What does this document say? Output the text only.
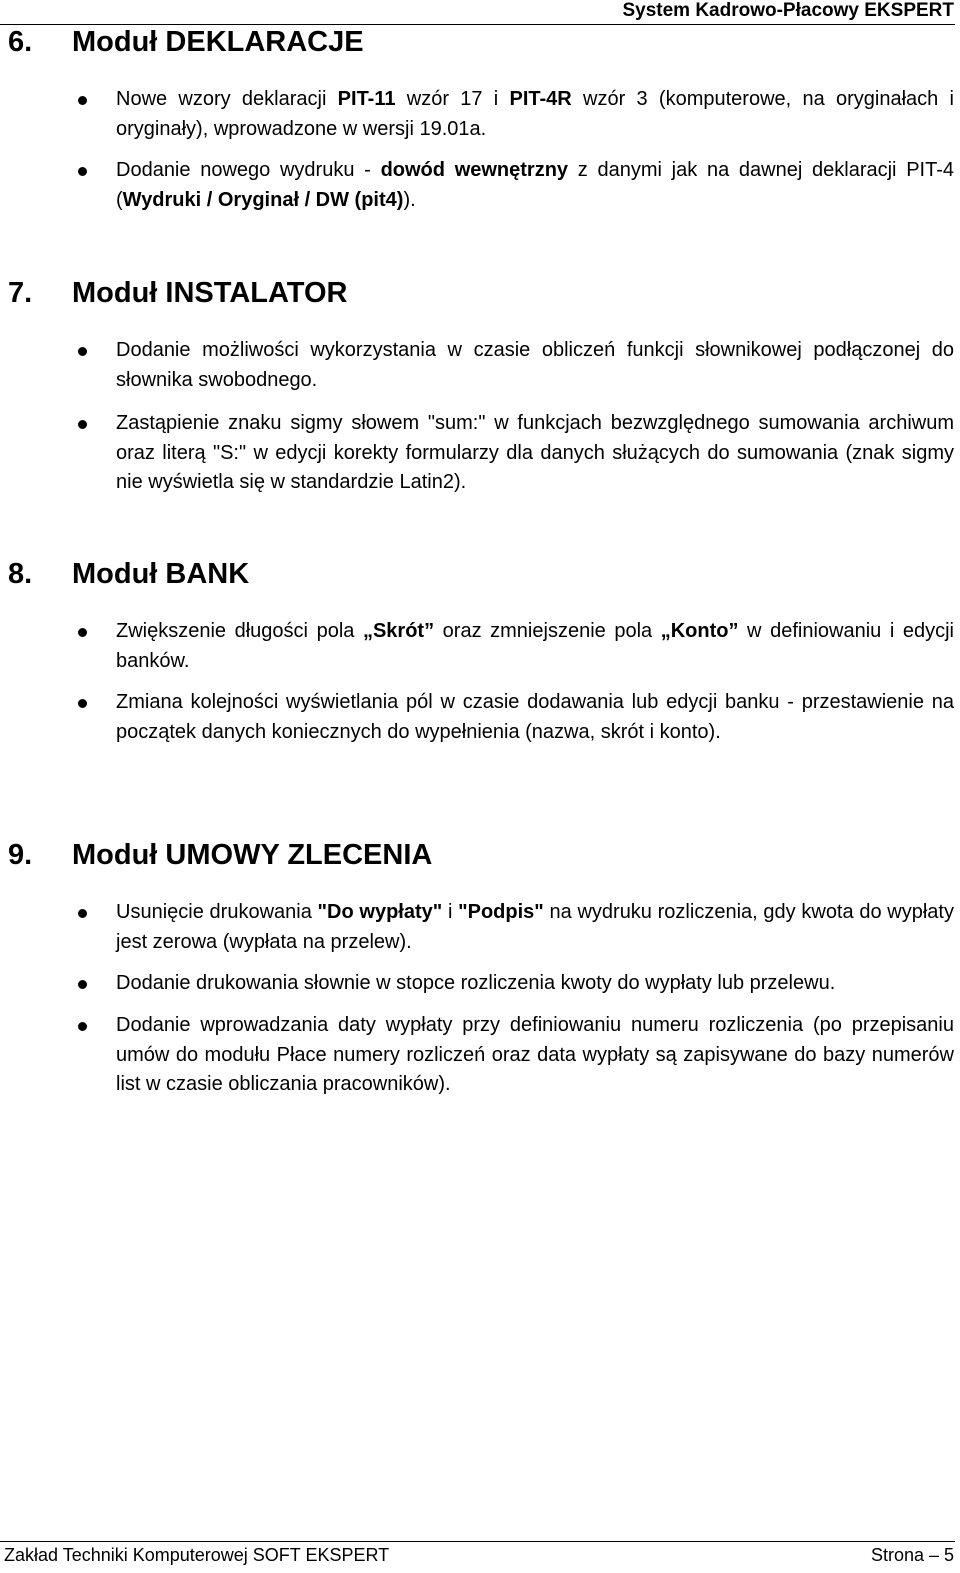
System Kadrowo-Płacowy EKSPERT
6. Moduł DEKLARACJE
Nowe wzory deklaracji PIT-11 wzór 17 i PIT-4R wzór 3 (komputerowe, na oryginałach i oryginały), wprowadzone w wersji 19.01a.
Dodanie nowego wydruku - dowód wewnętrzny z danymi jak na dawnej deklaracji PIT-4 (Wydruki / Oryginał / DW (pit4)).
7. Moduł INSTALATOR
Dodanie możliwości wykorzystania w czasie obliczeń funkcji słownikowej podłączonej do słownika swobodnego.
Zastąpienie znaku sigmy słowem "sum:" w funkcjach bezwzględnego sumowania archiwum oraz literą "S:" w edycji korekty formularzy dla danych służących do sumowania (znak sigmy nie wyświetla się w standardzie Latin2).
8. Moduł BANK
Zwiększenie długości pola „Skrót” oraz zmniejszenie pola „Konto” w definiowaniu i edycji banków.
Zmiana kolejności wyświetlania pól w czasie dodawania lub edycji banku - przestawienie na początek danych koniecznych do wypełnienia (nazwa, skrót i konto).
9. Moduł UMOWY ZLECENIA
Usunięcie drukowania "Do wypłaty" i "Podpis" na wydruku rozliczenia, gdy kwota do wypłaty jest zerowa (wypłata na przelew).
Dodanie drukowania słownie w stopce rozliczenia kwoty do wypłaty lub przelewu.
Dodanie wprowadzania daty wypłaty przy definiowaniu numeru rozliczenia (po przepisaniu umów do modułu Płace numery rozliczeń oraz data wypłaty są zapisywane do bazy numerów list w czasie obliczania pracowników).
Zakład Techniki Komputerowej SOFT EKSPERT	Strona – 5
